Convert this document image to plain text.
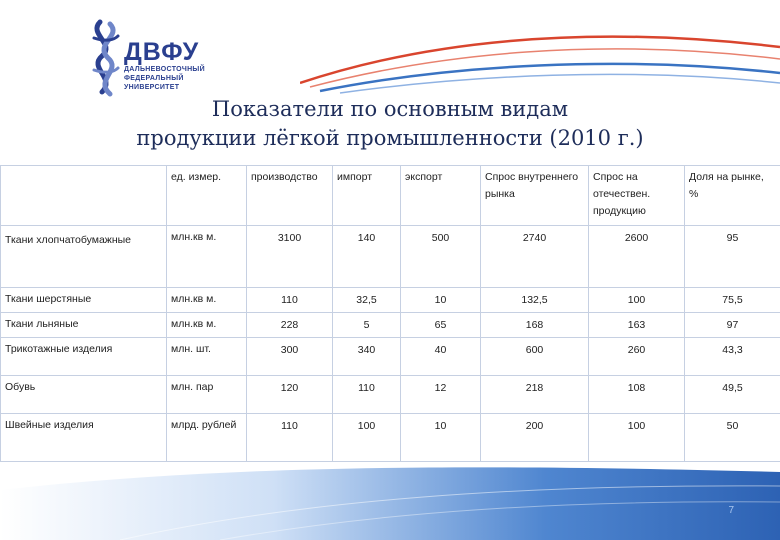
ДВФУ
ДАЛЬНЕВОСТОЧНЫЙ
ФЕДЕРАЛЬНЫЙ
УНИВЕРСИТЕТ
Показатели по основным видам
продукции лёгкой промышленности (2010 г.)
	ед. измер.	производство	импорт	экспорт	Спрос внутреннего рынка	Спрос на отечествен. продукцию	Доля на рынке, %
Ткани хлопчатобумажные	млн.кв м.	3100	140	500	2740	2600	95
Ткани шерстяные	млн.кв м.	110	32,5	10	132,5	100	75,5
Ткани льняные	млн.кв м.	228	5	65	168	163	97
Трикотажные изделия	млн. шт.	300	340	40	600	260	43,3
Обувь	млн. пар	120	110	12	218	108	49,5
Швейные изделия	млрд. рублей	110	100	10	200	100	50
7
